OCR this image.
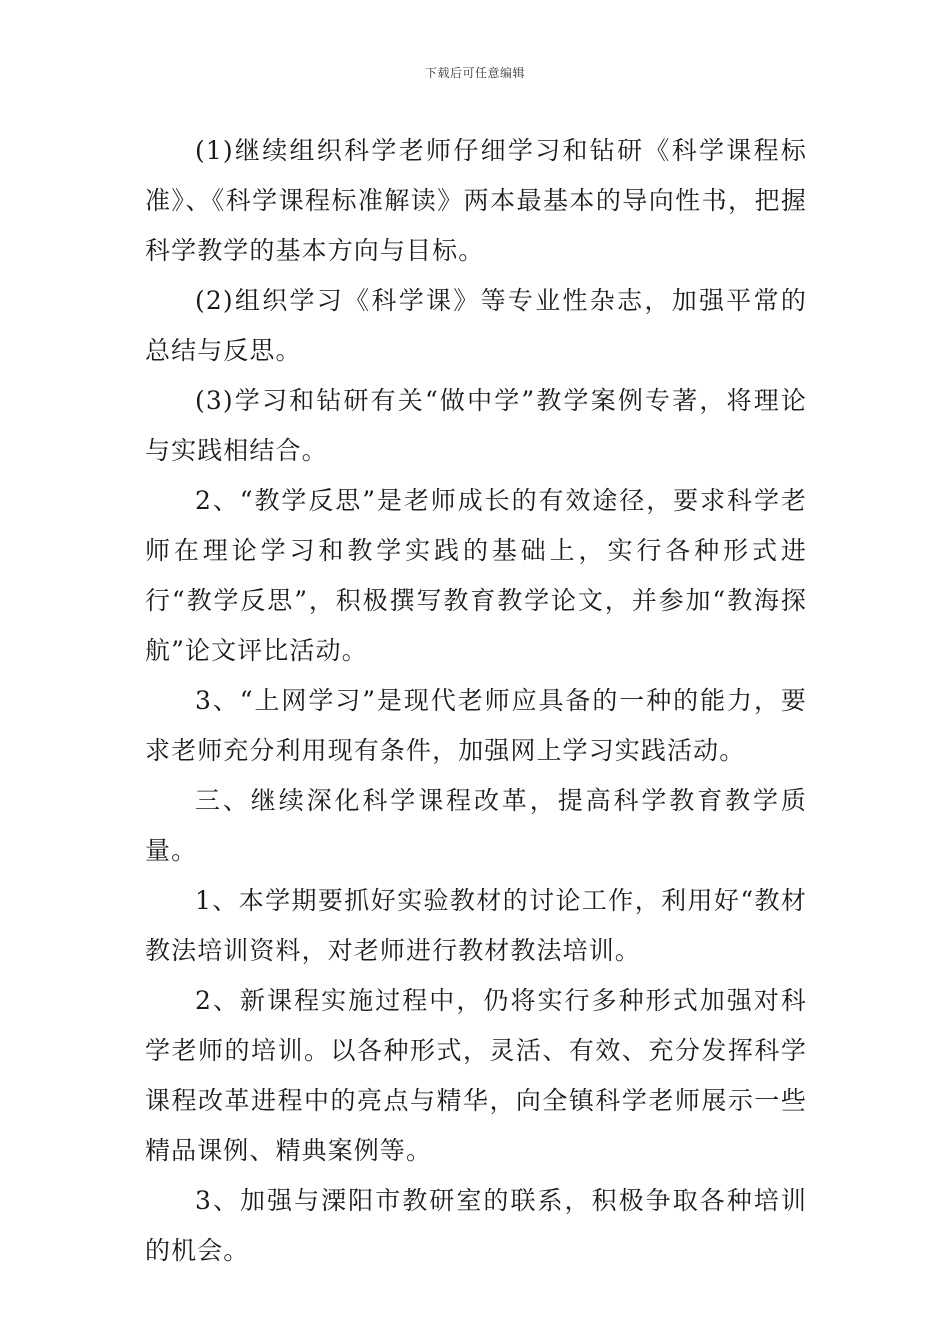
下载后可任意编辑

(1)继续组织科学老师仔细学习和钻研《科学课程标准》、《科学课程标准解读》两本最基本的导向性书，把握科学教学的基本方向与目标。

(2)组织学习《科学课》等专业性杂志，加强平常的总结与反思。

(3)学习和钻研有关“做中学”教学案例专著，将理论与实践相结合。

2、“教学反思”是老师成长的有效途径，要求科学老师在理论学习和教学实践的基础上，实行各种形式进行“教学反思”，积极撰写教育教学论文，并参加“教海探航”论文评比活动。

3、“上网学习”是现代老师应具备的一种的能力，要求老师充分利用现有条件，加强网上学习实践活动。

三、继续深化科学课程改革，提高科学教育教学质量。

1、本学期要抓好实验教材的讨论工作，利用好“教材教法培训资料，对老师进行教材教法培训。

2、新课程实施过程中，仍将实行多种形式加强对科学老师的培训。以各种形式，灵活、有效、充分发挥科学课程改革进程中的亮点与精华，向全镇科学老师展示一些精品课例、精典案例等。

3、加强与溧阳市教研室的联系，积极争取各种培训的机会。
